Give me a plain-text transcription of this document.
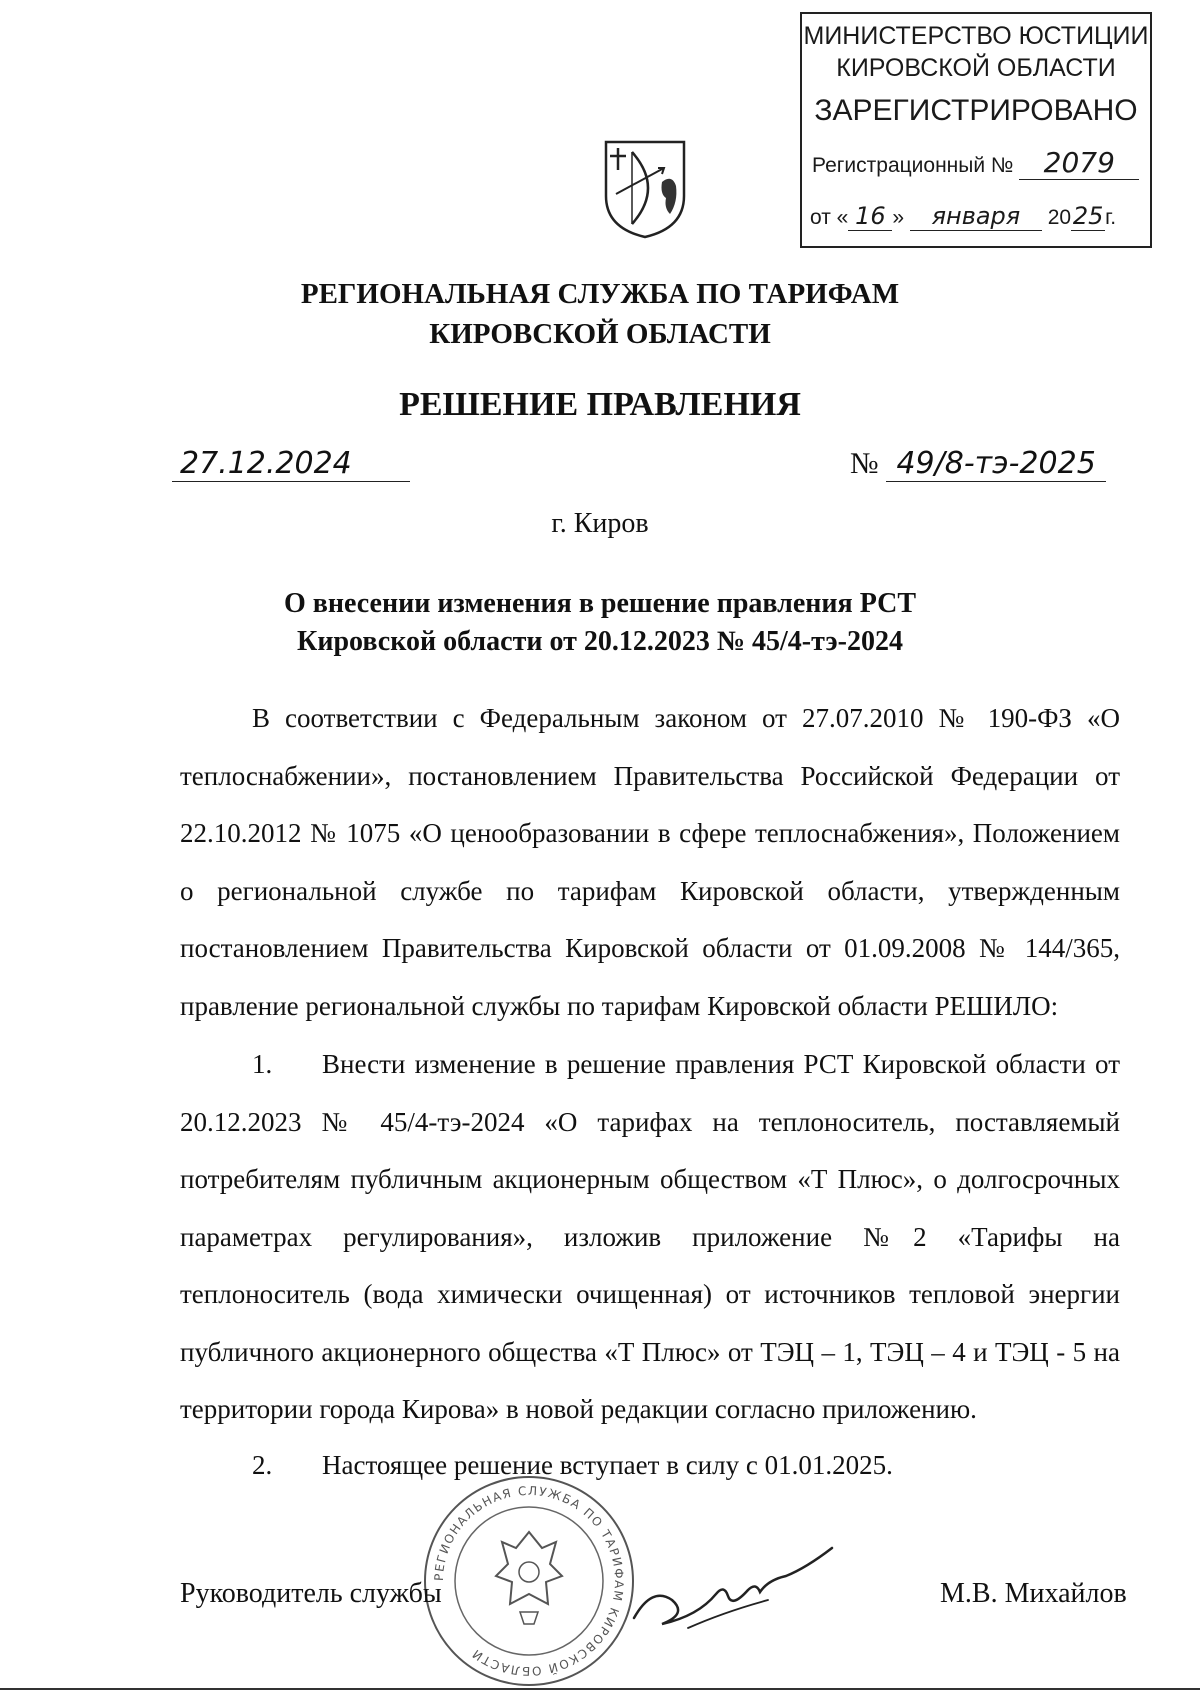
МИНИСТЕРСТВО ЮСТИЦИИ
КИРОВСКОЙ ОБЛАСТИ
ЗАРЕГИСТРИРОВАНО
Регистрационный № 2079
от « 16 » января 2025г.
РЕГИОНАЛЬНАЯ СЛУЖБА ПО ТАРИФАМ
КИРОВСКОЙ ОБЛАСТИ
РЕШЕНИЕ ПРАВЛЕНИЯ
27.12.2024	№ 49/8-тэ-2025
г. Киров
О внесении изменения в решение правления РСТ
Кировской области от 20.12.2023 № 45/4-тэ-2024
В соответствии с Федеральным законом от 27.07.2010 № 190-ФЗ «О теплоснабжении», постановлением Правительства Российской Федерации от 22.10.2012 № 1075 «О ценообразовании в сфере теплоснабжения», Положением о региональной службе по тарифам Кировской области, утвержденным постановлением Правительства Кировской области от 01.09.2008 № 144/365, правление региональной службы по тарифам Кировской области РЕШИЛО:
1. Внести изменение в решение правления РСТ Кировской области от 20.12.2023 № 45/4-тэ-2024 «О тарифах на теплоноситель, поставляемый потребителям публичным акционерным обществом «Т Плюс», о долгосрочных параметрах регулирования», изложив приложение №2 «Тарифы на теплоноситель (вода химически очищенная) от источников тепловой энергии публичного акционерного общества «Т Плюс» от ТЭЦ – 1, ТЭЦ – 4 и ТЭЦ - 5 на территории города Кирова» в новой редакции согласно приложению.
2. Настоящее решение вступает в силу с 01.01.2025.
РЕГИОНАЛЬНАЯ СЛУЖБА ПО ТАРИФАМ КИРОВСКОЙ ОБЛАСТИ
Руководитель службы	М.В. Михайлов
